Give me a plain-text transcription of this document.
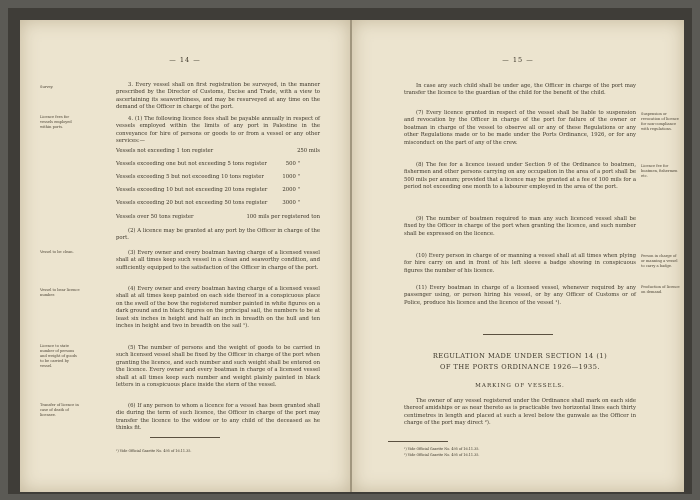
— 14 —
Survey.	3. Every vessel shall on first registration be surveyed, in the manner prescribed by the Director of Customs, Excise and Trade, with a view to ascertaining its seaworthiness, and may be resurveyed at any time on the demand of the Officer in charge of the port.
Licence fees for vessels employed within ports.
4. (1) The following licence fees shall be payable annually in respect of vessels employed within the limits of any port in Palestine in the conveyance for hire of persons or goods to or from a vessel or any other services:—
Vessels not exceeding 1 ton register	250 mils
Vessels exceeding one but not exceeding 5 tons register	500 "
Vessels exceeding 5 but not exceeding 10 tons register	1000 "
Vessels exceeding 10 but not exceeding 20 tons register	2000 "
Vessels exceeding 20 but not exceeding 50 tons register	3000 "
Vessels over 50 tons register	100 mils per registered ton
(2) A licence may be granted at any port by the Officer in charge of the port.
Vessel to be clean.	(3) Every owner and every boatman having charge of a licensed vessel shall at all times keep such vessel in a clean and seaworthy condition, and sufficiently equipped to the satisfaction of the Officer in charge of the port.
Vessel to bear licence number.
(4) Every owner and every boatman having charge of a licensed vessel shall at all times keep painted on each side thereof in a conspicuous place on the swell of the bow the registered number painted in white figures on a dark ground and in black figures on the principal sail, the numbers to be at least six inches in height and half an inch in breadth on the hull and ten inches in height and two in breadth on the sail ¹).
Licence to state number of persons and weight of goods to be carried by vessel.
(5) The number of persons and the weight of goods to be carried in such licensed vessel shall be fixed by the Officer in charge of the port when granting the licence, and such number and such weight shall be entered on the licence. Every owner and every boatman in charge of a licensed vessel shall at all times keep such number and weight plainly painted in black letters in a conspicuous place inside the stern of the vessel.
Transfer of licence in case of death of licensee.
(6) If any person to whom a licence for a vessel has been granted shall die during the term of such licence, the Officer in charge of the port may transfer the licence to the widow or to any child of the deceased as he thinks fit.
¹) Vide Official Gazette No. 495 of 16.11.35.
— 15 —
In case any such child shall be under age, the Officer in charge of the port may transfer the licence to the guardian of the child for the benefit of the child.
Suspension or revocation of licence for non-compliance with regulations.
(7) Every licence granted in respect of the vessel shall be liable to suspension and revocation by the Officer in charge of the port for failure of the owner or boatman in charge of the vessel to observe all or any of these Regulations or any other Regulations made or to be made under the Ports Ordinance, 1926, or for any misconduct on the part of any of the crew.
Licence fee for boatmen, fishermen etc.
(8) The fee for a licence issued under Section 9 of the Ordinance to boatmen, fishermen and other persons carrying on any occupation in the area of a port shall be 500 mils per annum; provided that a licence may be granted at a fee of 100 mils for a period not exceeding one month to a labourer employed in the area of the port.
(9) The number of boatmen required to man any such licenced vessel shall be fixed by the Officer in charge of the port when granting the licence, and such number shall be expressed on the licence.
Person in charge of or manning a vessel to carry a badge.
(10) Every person in charge of or manning a vessel shall at all times when plying for hire carry on and in front of his left sleeve a badge showing in conspicuous figures the number of his licence.
Production of licence on demand.
(11) Every boatman in charge of a licensed vessel, whenever required by any passenger using, or person hiring his vessel, or by any Officer of Customs or of Police, produce his licence and the licence of the vessel ¹).
REGULATION MADE UNDER SECTION 14 (1)
OF THE PORTS ORDINANCE 1926—1935.
MARKING OF VESSELS.
The owner of any vessel registered under the Ordinance shall mark on each side thereof amidships or as near thereto as is practicable two horizontal lines each thirty centimetres in length and placed at such a level below the gunwale as the Officer in charge of the port may direct ²).
¹) Vide Official Gazette No. 495 of 16.11.35.
²) Vide Official Gazette No. 495 of 16.11.35.
